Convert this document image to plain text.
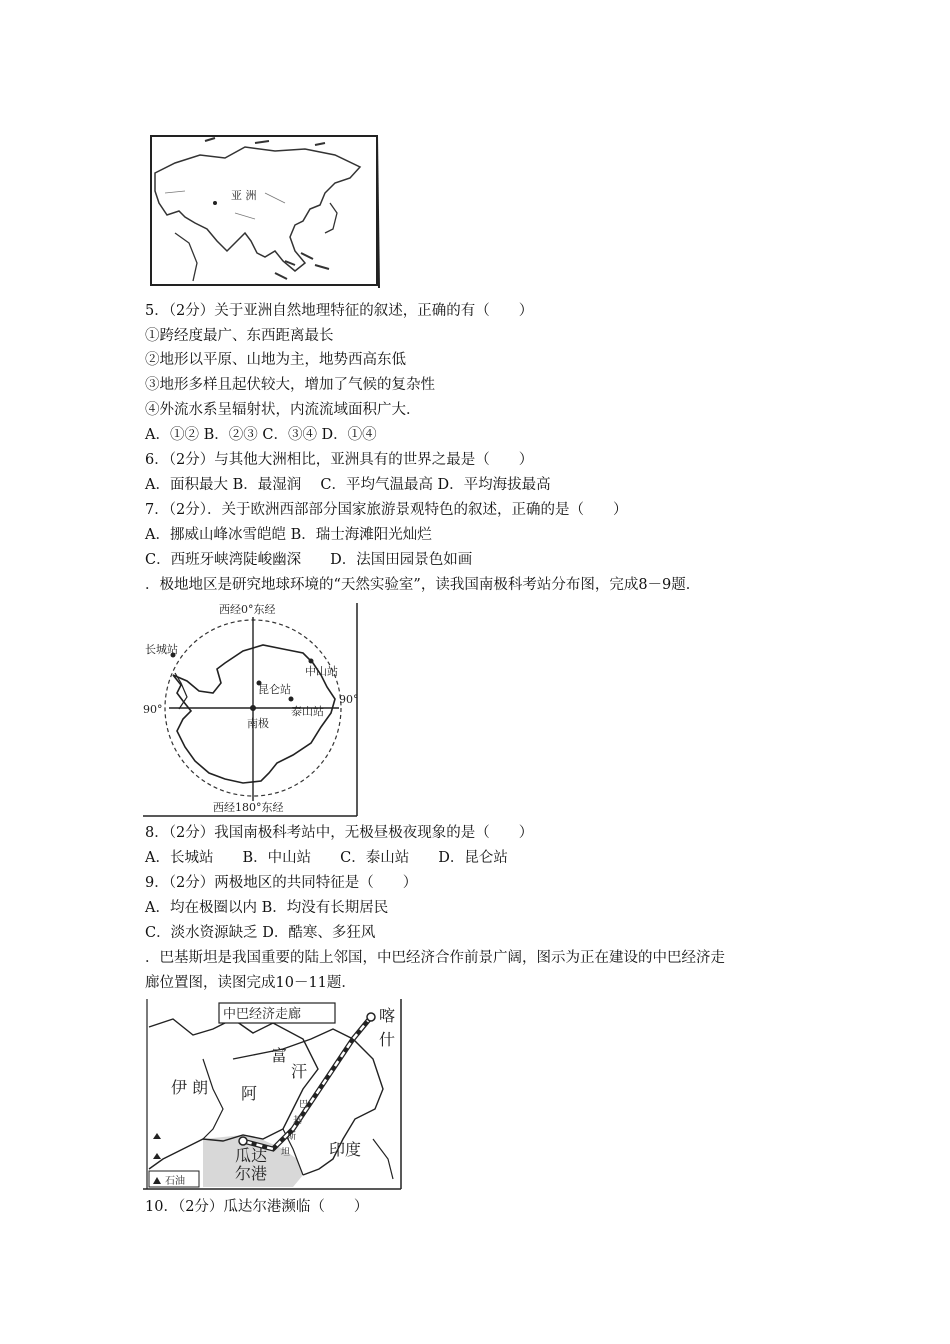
亚 洲
5．（2分）关于亚洲自然地理特征的叙述，正确的有（　　）
①跨经度最广、东西距离最长
②地形以平原、山地为主，地势西高东低
③地形多样且起伏较大，增加了气候的复杂性
④外流水系呈辐射状，内流流域面积广大．
A．①② B．②③ C．③④ D．①④
6．（2分）与其他大洲相比，亚洲具有的世界之最是（　　）
A．面积最大 B．最湿润　 C．平均气温最高 D．平均海拔最高
7．（2分）．关于欧洲西部部分国家旅游景观特色的叙述，正确的是（　　）
A．挪威山峰冰雪皑皑 B．瑞士海滩阳光灿烂
C．西班牙峡湾陡峻幽深　　D．法国田园景色如画
．极地地区是研究地球环境的“天然实验室”，读我国南极科考站分布图，完成8－9题．
西经0°东经
西经180°东经
90°
90°
长城站
中山站
昆仑站
泰山站
南极
8．（2分）我国南极科考站中，无极昼极夜现象的是（　　）
A．长城站　　B．中山站　　C．泰山站　　D．昆仑站
9．（2分）两极地区的共同特征是（　　）
A．均在极圈以内 B．均没有长期居民
C．淡水资源缺乏 D．酷寒、多狂风
．巴基斯坦是我国重要的陆上邻国，中巴经济合作前景广阔，图示为正在建设的中巴经济走
廊位置图，读图完成10－11题．
中巴经济走廊	喀
什
伊 朗
富
汗
阿
巴
基
斯
坦
瓜达
尔港
印度
石油
10．（2分）瓜达尔港濒临（　　）
